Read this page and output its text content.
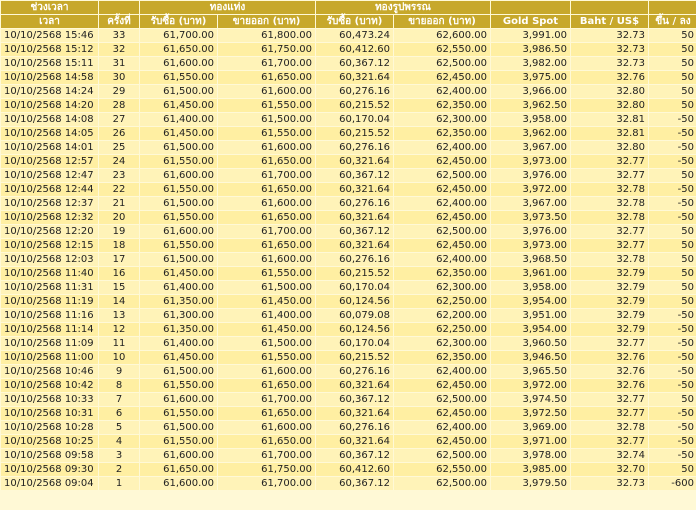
ช่วงเวลา		ทองแท่ง		ทองรูปพรรณ				
เวลา	ครั้งที่	รับซื้อ (บาท)	ขายออก (บาท)	รับซื้อ (บาท)	ขายออก (บาท)	Gold Spot	Baht / US$	ขึ้น / ลง
10/10/2568 15:46	33	61,700.00	61,800.00	60,473.24	62,600.00	3,991.00	32.73	50
10/10/2568 15:12	32	61,650.00	61,750.00	60,412.60	62,550.00	3,986.50	32.73	50
10/10/2568 15:11	31	61,600.00	61,700.00	60,367.12	62,500.00	3,982.00	32.73	50
10/10/2568 14:58	30	61,550.00	61,650.00	60,321.64	62,450.00	3,975.00	32.76	50
10/10/2568 14:24	29	61,500.00	61,600.00	60,276.16	62,400.00	3,966.00	32.80	50
10/10/2568 14:20	28	61,450.00	61,550.00	60,215.52	62,350.00	3,962.50	32.80	50
10/10/2568 14:08	27	61,400.00	61,500.00	60,170.04	62,300.00	3,958.00	32.81	-50
10/10/2568 14:05	26	61,450.00	61,550.00	60,215.52	62,350.00	3,962.00	32.81	-50
10/10/2568 14:01	25	61,500.00	61,600.00	60,276.16	62,400.00	3,967.00	32.80	-50
10/10/2568 12:57	24	61,550.00	61,650.00	60,321.64	62,450.00	3,973.00	32.77	-50
10/10/2568 12:47	23	61,600.00	61,700.00	60,367.12	62,500.00	3,976.00	32.77	50
10/10/2568 12:44	22	61,550.00	61,650.00	60,321.64	62,450.00	3,972.00	32.78	-50
10/10/2568 12:37	21	61,500.00	61,600.00	60,276.16	62,400.00	3,967.00	32.78	-50
10/10/2568 12:32	20	61,550.00	61,650.00	60,321.64	62,450.00	3,973.50	32.78	-50
10/10/2568 12:20	19	61,600.00	61,700.00	60,367.12	62,500.00	3,976.00	32.77	50
10/10/2568 12:15	18	61,550.00	61,650.00	60,321.64	62,450.00	3,973.00	32.77	50
10/10/2568 12:03	17	61,500.00	61,600.00	60,276.16	62,400.00	3,968.50	32.78	50
10/10/2568 11:40	16	61,450.00	61,550.00	60,215.52	62,350.00	3,961.00	32.79	50
10/10/2568 11:31	15	61,400.00	61,500.00	60,170.04	62,300.00	3,958.00	32.79	50
10/10/2568 11:19	14	61,350.00	61,450.00	60,124.56	62,250.00	3,954.00	32.79	50
10/10/2568 11:16	13	61,300.00	61,400.00	60,079.08	62,200.00	3,951.00	32.79	-50
10/10/2568 11:14	12	61,350.00	61,450.00	60,124.56	62,250.00	3,954.00	32.79	-50
10/10/2568 11:09	11	61,400.00	61,500.00	60,170.04	62,300.00	3,960.50	32.77	-50
10/10/2568 11:00	10	61,450.00	61,550.00	60,215.52	62,350.00	3,946.50	32.76	-50
10/10/2568 10:46	9	61,500.00	61,600.00	60,276.16	62,400.00	3,965.50	32.76	-50
10/10/2568 10:42	8	61,550.00	61,650.00	60,321.64	62,450.00	3,972.00	32.76	-50
10/10/2568 10:33	7	61,600.00	61,700.00	60,367.12	62,500.00	3,974.50	32.77	50
10/10/2568 10:31	6	61,550.00	61,650.00	60,321.64	62,450.00	3,972.50	32.77	-50
10/10/2568 10:28	5	61,500.00	61,600.00	60,276.16	62,400.00	3,969.00	32.78	-50
10/10/2568 10:25	4	61,550.00	61,650.00	60,321.64	62,450.00	3,971.00	32.77	-50
10/10/2568 09:58	3	61,600.00	61,700.00	60,367.12	62,500.00	3,978.00	32.74	-50
10/10/2568 09:30	2	61,650.00	61,750.00	60,412.60	62,550.00	3,985.00	32.70	50
10/10/2568 09:04	1	61,600.00	61,700.00	60,367.12	62,500.00	3,979.50	32.73	-600
